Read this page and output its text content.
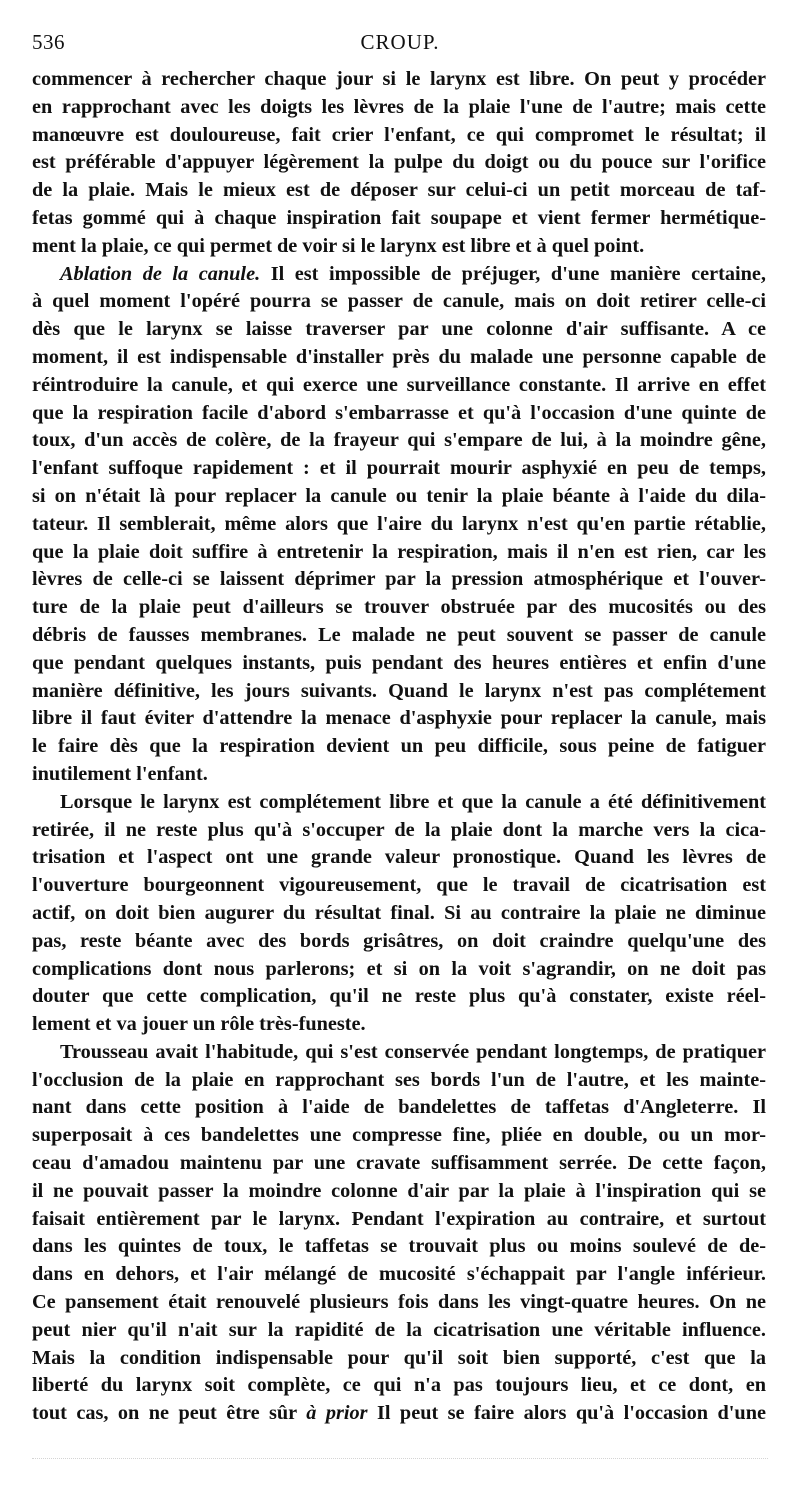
536	CROUP.

commencer à rechercher chaque jour si le larynx est libre. On peut y procéder
en rapprochant avec les doigts les lèvres de la plaie l'une de l'autre; mais cette
manœuvre est douloureuse, fait crier l'enfant, ce qui compromet le résultat; il
est préférable d'appuyer légèrement la pulpe du doigt ou du pouce sur l'orifice
de la plaie. Mais le mieux est de déposer sur celui-ci un petit morceau de taf-
fetas gommé qui à chaque inspiration fait soupape et vient fermer hermétique-
ment la plaie, ce qui permet de voir si le larynx est libre et à quel point.

Ablation de la canule. Il est impossible de préjuger, d'une manière certaine,
à quel moment l'opéré pourra se passer de canule, mais on doit retirer celle-ci
dès que le larynx se laisse traverser par une colonne d'air suffisante. A ce
moment, il est indispensable d'installer près du malade une personne capable de
réintroduire la canule, et qui exerce une surveillance constante. Il arrive en effet
que la respiration facile d'abord s'embarrasse et qu'à l'occasion d'une quinte de
toux, d'un accès de colère, de la frayeur qui s'empare de lui, à la moindre gêne,
l'enfant suffoque rapidement : et il pourrait mourir asphyxié en peu de temps,
si on n'était là pour replacer la canule ou tenir la plaie béante à l'aide du dila-
tateur. Il semblerait, même alors que l'aire du larynx n'est qu'en partie rétablie,
que la plaie doit suffire à entretenir la respiration, mais il n'en est rien, car les
lèvres de celle-ci se laissent déprimer par la pression atmosphérique et l'ouver-
ture de la plaie peut d'ailleurs se trouver obstruée par des mucosités ou des
débris de fausses membranes. Le malade ne peut souvent se passer de canule
que pendant quelques instants, puis pendant des heures entières et enfin d'une
manière définitive, les jours suivants. Quand le larynx n'est pas complétement
libre il faut éviter d'attendre la menace d'asphyxie pour replacer la canule, mais
le faire dès que la respiration devient un peu difficile, sous peine de fatiguer
inutilement l'enfant.

Lorsque le larynx est complétement libre et que la canule a été définitivement
retirée, il ne reste plus qu'à s'occuper de la plaie dont la marche vers la cica-
trisation et l'aspect ont une grande valeur pronostique. Quand les lèvres de
l'ouverture bourgeonnent vigoureusement, que le travail de cicatrisation est
actif, on doit bien augurer du résultat final. Si au contraire la plaie ne diminue
pas, reste béante avec des bords grisâtres, on doit craindre quelqu'une des
complications dont nous parlerons; et si on la voit s'agrandir, on ne doit pas
douter que cette complication, qu'il ne reste plus qu'à constater, existe réel-
lement et va jouer un rôle très-funeste.

Trousseau avait l'habitude, qui s'est conservée pendant longtemps, de pratiquer
l'occlusion de la plaie en rapprochant ses bords l'un de l'autre, et les mainte-
nant dans cette position à l'aide de bandelettes de taffetas d'Angleterre. Il
superposait à ces bandelettes une compresse fine, pliée en double, ou un mor-
ceau d'amadou maintenu par une cravate suffisamment serrée. De cette façon,
il ne pouvait passer la moindre colonne d'air par la plaie à l'inspiration qui se
faisait entièrement par le larynx. Pendant l'expiration au contraire, et surtout
dans les quintes de toux, le taffetas se trouvait plus ou moins soulevé de de-
dans en dehors, et l'air mélangé de mucosité s'échappait par l'angle inférieur.
Ce pansement était renouvelé plusieurs fois dans les vingt-quatre heures. On ne
peut nier qu'il n'ait sur la rapidité de la cicatrisation une véritable influence.
Mais la condition indispensable pour qu'il soit bien supporté, c'est que la
liberté du larynx soit complète, ce qui n'a pas toujours lieu, et ce dont, en
tout cas, on ne peut être sûr à prior Il peut se faire alors qu'à l'occasion d'une
